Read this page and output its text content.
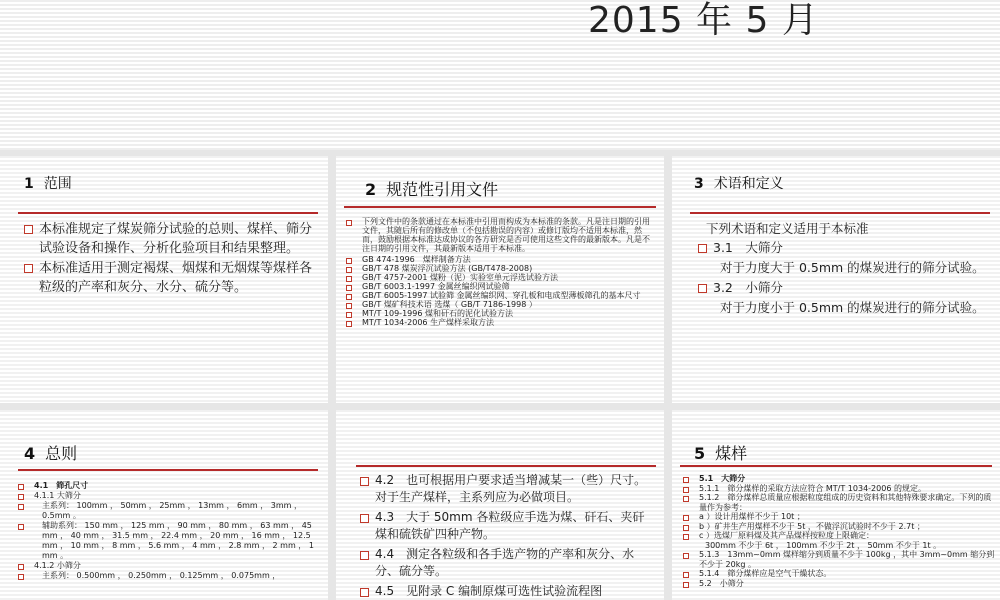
2015 年 5 月
1 范围
本标准规定了煤炭筛分试验的总则、煤样、筛分试验设备和操作、分析化验项目和结果整理。
本标准适用于测定褐煤、烟煤和无烟煤等煤样各粒级的产率和灰分、水分、硫分等。
2 规范性引用文件
下列文件中的条款通过在本标准中引用而构成为本标准的条款。凡是注日期的引用文件，其随后所有的修改单（不包括勘误的内容）或修订版均不适用本标准，然而，鼓励根据本标准达成协议的各方研究是否可使用这些文件的最新版本。凡是不注日期的引用文件，其最新版本适用于本标准。
GB 474-1996　煤样制备方法
GB/T 478 煤炭浮沉试验方法 (GB/T478-2008)
GB/T 4757-2001 煤粉（泥）实验室单元浮选试验方法
GB/T 6003.1-1997 金属丝编织网试验筛
GB/T 6005-1997 试验筛 金属丝编织网、穿孔板和电成型薄板筛孔的基本尺寸
GB/T 煤矿科技术语 选煤（ GB/T 7186-1998 ）
MT/T 109-1996 煤和矸石的泥化试验方法
MT/T 1034-2006 生产煤样采取方法
3 术语和定义
下列术语和定义适用于本标准
3.1　大筛分
对于力度大于 0.5mm 的煤炭进行的筛分试验。
3.2　小筛分
对于力度小于 0.5mm 的煤炭进行的筛分试验。
4 总则
4.1　筛孔尺寸
4.1.1 大筛分
主系列： 100mm ， 50mm ， 25mm ， 13mm ， 6mm ， 3mm ， 0.5mm 。
辅助系列： 150 mm ， 125 mm ， 90 mm ， 80 mm ， 63 mm ， 45 mm ， 40 mm ， 31.5 mm ， 22.4 mm ， 20 mm ， 16 mm ， 12.5 mm ， 10 mm ， 8 mm ， 5.6 mm ， 4 mm ， 2.8 mm ， 2 mm ， 1 mm 。
4.1.2 小筛分
主系列： 0.500mm ， 0.250mm ， 0.125mm ， 0.075mm ，
4.2　也可根据用户要求适当增减某一（些）尺寸。对于生产煤样，主系列应为必做项目。
4.3　大于 50mm 各粒级应手选为煤、矸石、夹矸煤和硫铁矿四种产物。
4.4　测定各粒级和各手选产物的产率和灰分、水分、硫分等。
4.5　见附录 C 编制原煤可选性试验流程图
5 煤样
5.1　大筛分
5.1.1　筛分煤样的采取方法应符合 MT/T 1034-2006 的规定。
5.1.2　筛分煤样总质量应根据粒度组成的历史资料和其他特殊要求确定。下列的质量作为参考：
a ）设计用煤样不少于 10t ；
b ）矿井生产用煤样不少于 5t ，不做浮沉试验时不少于 2.7t ；
c ）选煤厂原料煤及其产品煤样按粒度上限确定：
300mm 不少于 6t ， 100mm 不少于 2t ， 50mm 不少于 1t 。
5.1.3　13mm~0mm 煤样缩分到质量不少于 100kg ，其中 3mm~0mm 缩分到不少于 20kg 。
5.1.4　筛分煤样应是空气干燥状态。
5.2　小筛分
